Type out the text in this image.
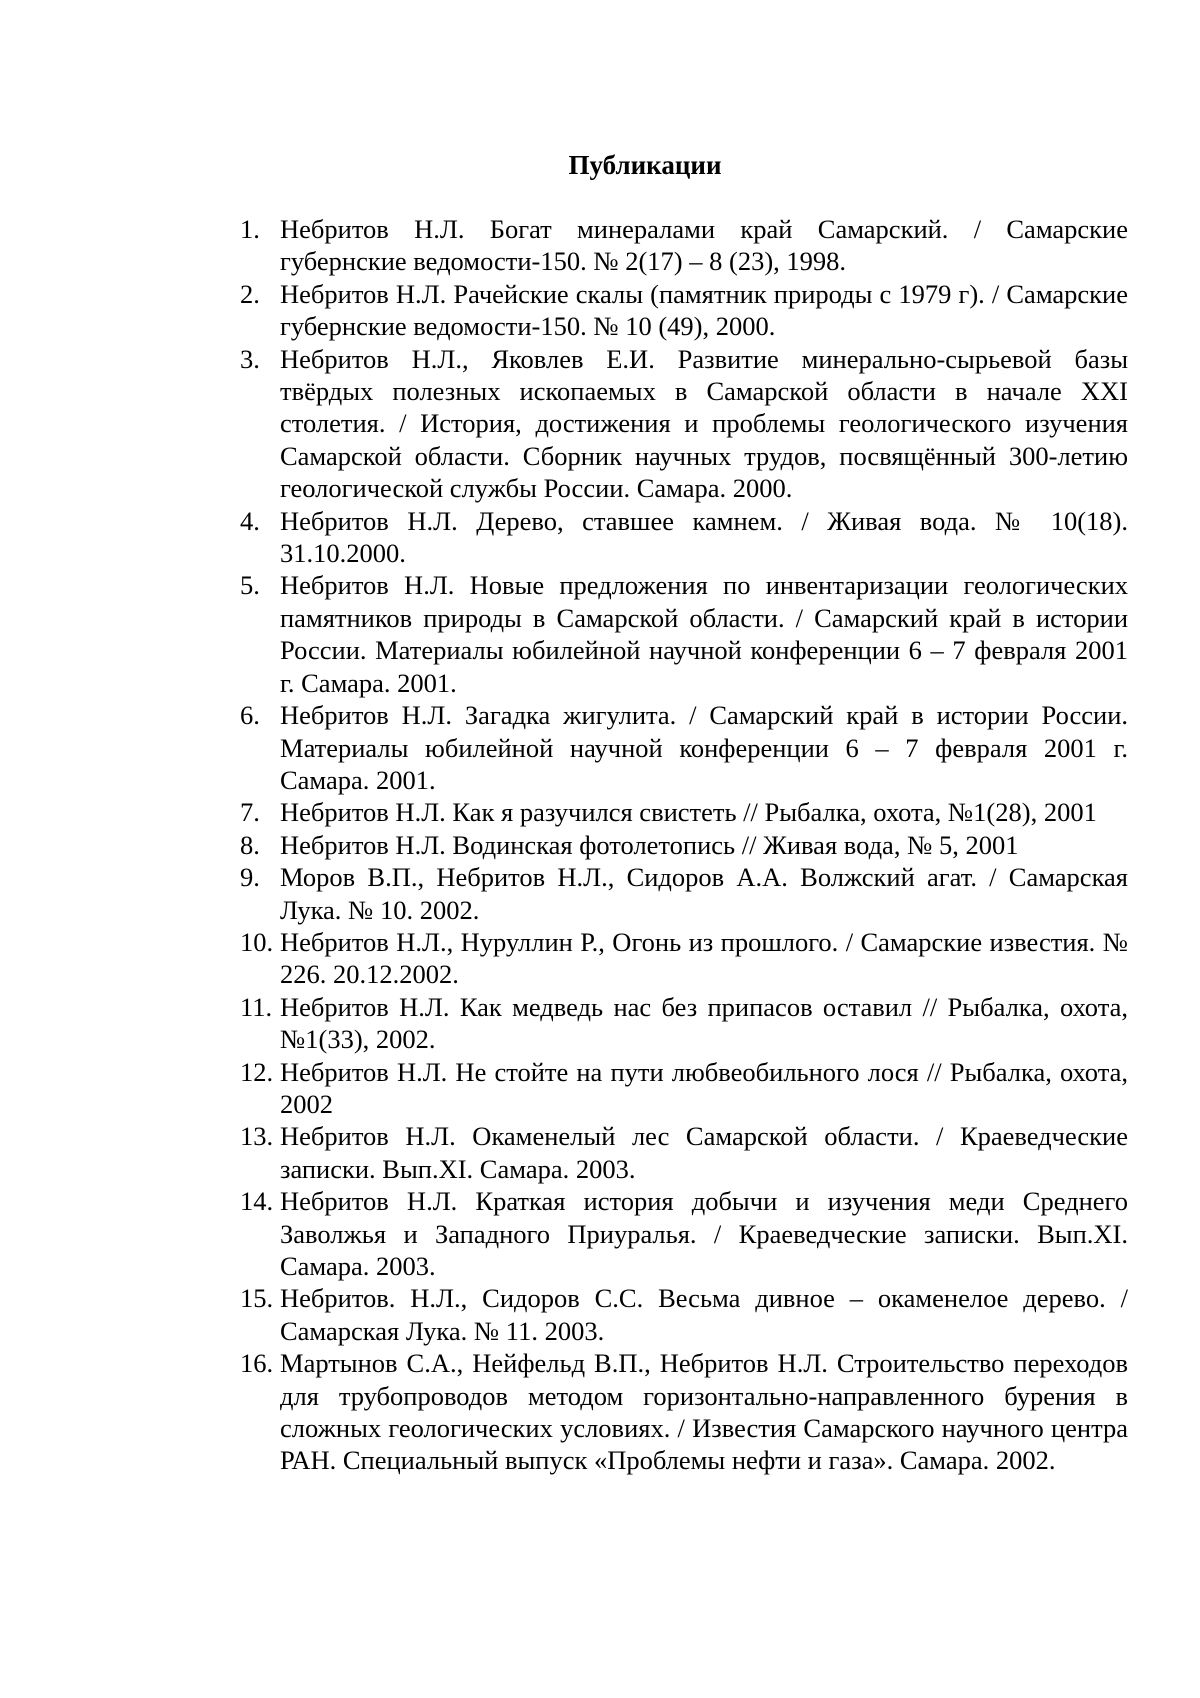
Публикации
1. Небритов Н.Л. Богат минералами край Самарский. / Самарские губернские ведомости-150. № 2(17) – 8 (23), 1998.
2. Небритов Н.Л. Рачейские скалы (памятник природы с 1979 г). / Самарские губернские ведомости-150. № 10 (49), 2000.
3. Небритов Н.Л., Яковлев Е.И. Развитие минерально-сырьевой базы твёрдых полезных ископаемых в Самарской области в начале XXI столетия. / История, достижения и проблемы геологического изучения Самарской области. Сборник научных трудов, посвящённый 300-летию геологической службы России. Самара. 2000.
4. Небритов Н.Л. Дерево, ставшее камнем. / Живая вода. № 10(18). 31.10.2000.
5. Небритов Н.Л. Новые предложения по инвентаризации геологических памятников природы в Самарской области. / Самарский край в истории России. Материалы юбилейной научной конференции 6 – 7 февраля 2001 г. Самара. 2001.
6. Небритов Н.Л. Загадка жигулита. / Самарский край в истории России. Материалы юбилейной научной конференции 6 – 7 февраля 2001 г. Самара. 2001.
7. Небритов Н.Л. Как я разучился свистеть // Рыбалка, охота, №1(28), 2001
8. Небритов Н.Л. Водинская фотолетопись // Живая вода, № 5, 2001
9. Моров В.П., Небритов Н.Л., Сидоров А.А. Волжский агат. / Самарская Лука. № 10. 2002.
10. Небритов Н.Л., Нуруллин Р., Огонь из прошлого. / Самарские известия. № 226. 20.12.2002.
11. Небритов Н.Л. Как медведь нас без припасов оставил // Рыбалка, охота, №1(33), 2002.
12. Небритов Н.Л. Не стойте на пути любвеобильного лося // Рыбалка, охота, 2002
13. Небритов Н.Л. Окаменелый лес Самарской области. / Краеведческие записки. Вып.XI. Самара. 2003.
14. Небритов Н.Л. Краткая история добычи и изучения меди Среднего Заволжья и Западного Приуралья. / Краеведческие записки. Вып.XI. Самара. 2003.
15. Небритов. Н.Л., Сидоров С.С. Весьма дивное – окаменелое дерево. / Самарская Лука. № 11. 2003.
16. Мартынов С.А., Нейфельд В.П., Небритов Н.Л. Строительство переходов для трубопроводов методом горизонтально-направленного бурения в сложных геологических условиях. / Известия Самарского научного центра РАН. Специальный выпуск «Проблемы нефти и газа». Самара. 2002.
